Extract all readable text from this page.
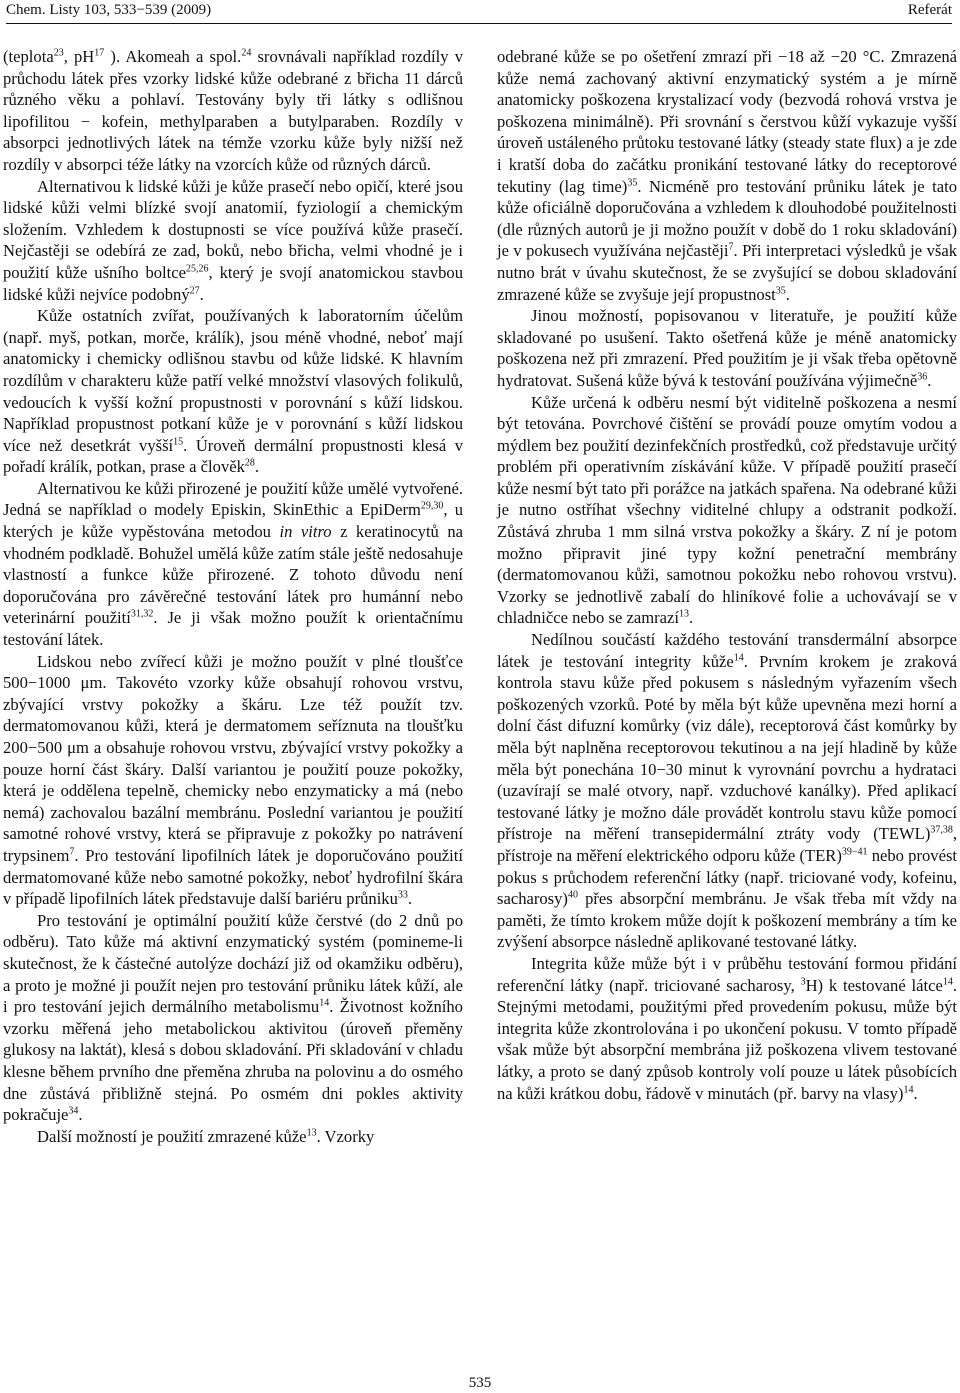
Chem. Listy 103, 533−539 (2009)	Referát

(teplota$^{23}$, $pH^{17}$ ). Akomeah a spol.$^{24}$ srovnávali například rozdíly v průchodu látek přes vzorky lidské kůže odebrané z břicha 11 dárců různého věku a pohlaví. Testovány byly tři látky s odlišnou lipofilitou − kofein, methylparaben a butylparaben. Rozdíly v absorpci jednotlivých látek na témže vzorku kůže byly nižší než rozdíly v absorpci téže látky na vzorcích kůže od různých dárců.

Alternativou k lidské kůži je kůže prasečí nebo opičí, které jsou lidské kůži velmi blízké svojí anatomií, fyziologií a chemickým složením. Vzhledem k dostupnosti se více používá kůže prasečí. Nejčastěji se odebírá ze zad, boků, nebo břicha, velmi vhodné je i použití kůže ušního boltce$^{25,26}$, který je svojí anatomickou stavbou lidské kůži nejvíce podobný$^{27}$.

Kůže ostatních zvířat, používaných k laboratorním účelům (např. myš, potkan, morče, králík), jsou méně vhodné, neboť mají anatomicky i chemicky odlišnou stavbu od kůže lidské. K hlavním rozdílům v charakteru kůže patří velké množství vlasových folikulů, vedoucích k vyšší kožní propustnosti v porovnání s kůží lidskou. Například propustnost potkaní kůže je v porovnání s kůží lidskou více než desetkrát vyšší$^{15}$. Úroveň dermální propustnosti klesá v pořadí králík, potkan, prase a člověk$^{28}$.

Alternativou ke kůži přirozené je použití kůže umělé vytvořené. Jedná se například o modely Episkin, SkinEthic a EpiDerm$^{29,30}$, u kterých je kůže vypěstována metodou in vitro z keratinocytů na vhodném podkladě. Bohužel umělá kůže zatím stále ještě nedosahuje vlastností a funkce kůže přirozené. Z tohoto důvodu není doporučována pro závěrečné testování látek pro humánní nebo veterinární použití$^{31,32}$. Je ji však možno použít k orientačnímu testování látek.

Lidskou nebo zvířecí kůži je možno použít v plné tloušťce 500−1000 μm. Takovéto vzorky kůže obsahují rohovou vrstvu, zbývající vrstvy pokožky a škáru. Lze též použít tzv. dermatomovanou kůži, která je dermatomem seříznuta na tloušťku 200−500 μm a obsahuje rohovou vrstvu, zbývající vrstvy pokožky a pouze horní část škáry. Další variantou je použití pouze pokožky, která je oddělena tepelně, chemicky nebo enzymaticky a má (nebo nemá) zachovalou bazální membránu. Poslední variantou je použití samotné rohové vrstvy, která se připravuje z pokožky po natrávení trypsinem$^7$. Pro testování lipofilních látek je doporučováno použití dermatomované kůže nebo samotné pokožky, neboť hydrofilní škára v případě lipofilních látek představuje další bariéru průniku$^{33}$.

Pro testování je optimální použití kůže čerstvé (do 2 dnů po odběru). Tato kůže má aktivní enzymatický systém (pomineme-li skutečnost, že k částečné autolýze dochází již od okamžiku odběru), a proto je možné ji použít nejen pro testování průniku látek kůží, ale i pro testování jejich dermálního metabolismu$^{14}$. Životnost kožního vzorku měřená jeho metabolickou aktivitou (úroveň přeměny glukosy na laktát), klesá s dobou skladování. Při skladování v chladu klesne během prvního dne přeměna zhruba na polovinu a do osmého dne zůstává přibližně stejná. Po osmém dni pokles aktivity pokračuje$^{34}$.

Další možností je použití zmrazené kůže$^{13}$. Vzorky

odebrané kůže se po ošetření zmrazí při −18 až −20 °C. Zmrazená kůže nemá zachovaný aktivní enzymatický systém a je mírně anatomicky poškozena krystalizací vody (bezvodá rohová vrstva je poškozena minimálně). Při srovnání s čerstvou kůží vykazuje vyšší úroveň ustáleného průtoku testované látky (steady state flux) a je zde i kratší doba do začátku pronikání testované látky do receptorové tekutiny (lag time)$^{35}$. Nicméně pro testování průniku látek je tato kůže oficiálně doporučována a vzhledem k dlouhodobé použitelnosti (dle různých autorů je ji možno použít v době do 1 roku skladování) je v pokusech využívána nejčastěji$^7$. Při interpretaci výsledků je však nutno brát v úvahu skutečnost, že se zvyšující se dobou skladování zmrazené kůže se zvyšuje její propustnost$^{35}$.

Jinou možností, popisovanou v literatuře, je použití kůže skladované po usušení. Takto ošetřená kůže je méně anatomicky poškozena než při zmrazení. Před použitím je ji však třeba opětovně hydratovat. Sušená kůže bývá k testování používána výjimečně$^{36}$.

Kůže určená k odběru nesmí být viditelně poškozena a nesmí být tetována. Povrchové čištění se provádí pouze omytím vodou a mýdlem bez použití dezinfekčních prostředků, což představuje určitý problém při operativním získávání kůže. V případě použití prasečí kůže nesmí být tato při porážce na jatkách spařena. Na odebrané kůži je nutno ostříhat všechny viditelné chlupy a odstranit podkoží. Zůstává zhruba 1 mm silná vrstva pokožky a škáry. Z ní je potom možno připravit jiné typy kožní penetrační membrány (dermatomovanou kůži, samotnou pokožku nebo rohovou vrstvu). Vzorky se jednotlivě zabalí do hliníkové folie a uchovávají se v chladničce nebo se zamrazí$^{13}$.

Nedílnou součástí každého testování transdermální absorpce látek je testování integrity kůže$^{14}$. Prvním krokem je zraková kontrola stavu kůže před pokusem s následným vyřazením všech poškozených vzorků. Poté by měla být kůže upevněna mezi horní a dolní část difuzní komůrky (viz dále), receptorová část komůrky by měla být naplněna receptorovou tekutinou a na její hladině by kůže měla být ponechána 10−30 minut k vyrovnání povrchu a hydrataci (uzavírají se malé otvory, např. vzduchové kanálky). Před aplikací testované látky je možno dále provádět kontrolu stavu kůže pomocí přístroje na měření transepidermální ztráty vody (TEWL)$^{37,38}$, přístroje na měření elektrického odporu kůže (TER)$^{39-41}$ nebo provést pokus s průchodem referenční látky (např. triciované vody, kofeinu, sacharosy)$^{40}$ přes absorpční membránu. Je však třeba mít vždy na paměti, že tímto krokem může dojít k poškození membrány a tím ke zvýšení absorpce následně aplikované testované látky.

Integrita kůže může být i v průběhu testování formou přidání referenční látky (např. triciované sacharosy, $^3$H) k testované látce$^{14}$. Stejnými metodami, použitými před provedením pokusu, může být integrita kůže zkontrolována i po ukončení pokusu. V tomto případě však může být absorpční membrána již poškozena vlivem testované látky, a proto se daný způsob kontroly volí pouze u látek působících na kůži krátkou dobu, řádově v minutách (př. barvy na vlasy)$^{14}$.

535
